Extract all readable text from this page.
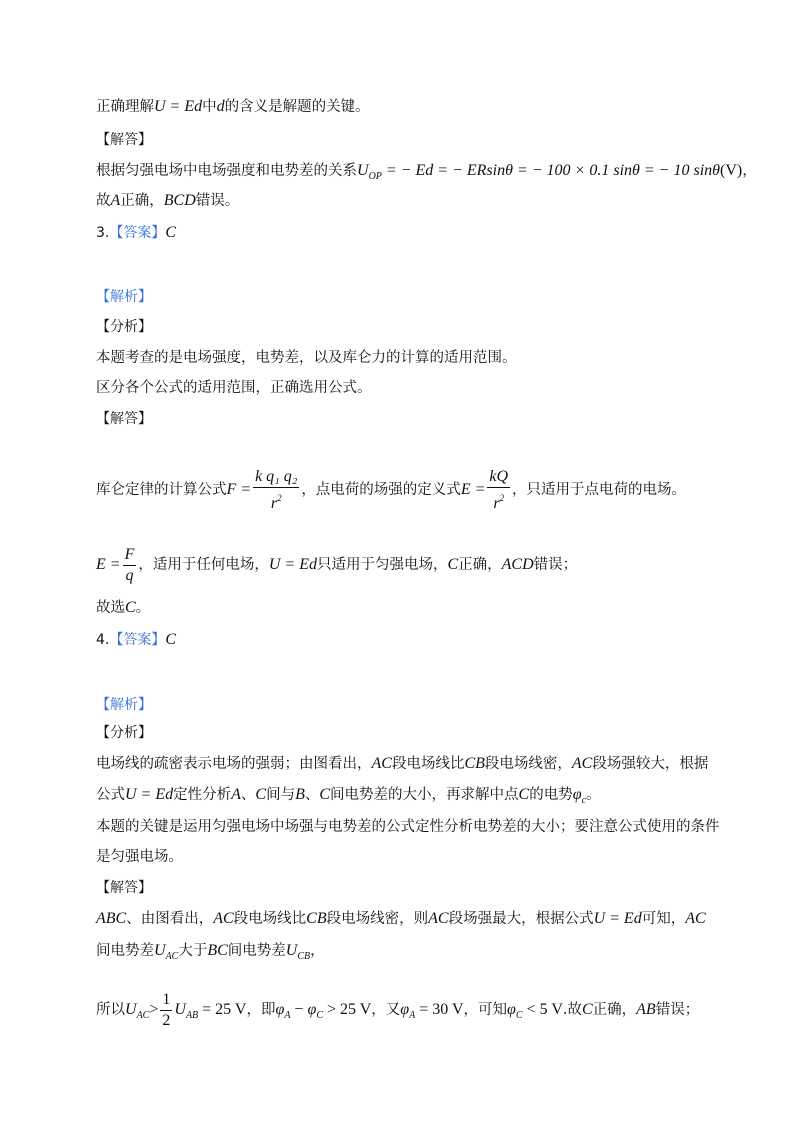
正确理解U = Ed中d的含义是解题的关键。
【解答】
根据匀强电场中电场强度和电势差的关系$U_{OP}$ = − Ed = − ERsinθ = − 100 × 0.1 sinθ = − 10 sinθ(V)，
故A正确，BCD错误。
3.【答案】C
【解析】
【分析】
本题考查的是电场强度，电势差，以及库仑力的计算的适用范围。
区分各个公式的适用范围，正确选用公式。
【解答】
库仑定律的计算公式$F = \frac{\text{k q₁ q₂}}{r^2}$ ，点电荷的场强的定义式$E = \frac{kQ}{r^2}$ ，只适用于点电荷的电场。
$E = \frac{F}{q}$ ，适用于任何电场，U = Ed只适用于匀强电场，C正确，ACD错误；
故选C。
4.【答案】C
【解析】
【分析】
电场线的疏密表示电场的强弱；由图看出，AC段电场线比CB段电场线密，AC段场强较大，根据
公式U = Ed定性分析A、C间与B、C间电势差的大小，再求解中点C的电势$\varphi_c$。
本题的关键是运用匀强电场中场强与电势差的公式定性分析电势差的大小；要注意公式使用的条件
是匀强电场。
【解答】
ABC、由图看出，AC段电场线比CB段电场线密，则AC段场强最大，根据公式U = Ed可知，AC
间电势差$U_{AC}$大于BC间电势差$U_{CB}$，
所以$U_{AC}> \frac{1}{2} U_{AB} = 25$ V，即$\varphi_A - \varphi_C > 25$ V，又$\varphi_A = 30$ V，可知$\varphi_C < 5$ V.故C正确，AB错误；
